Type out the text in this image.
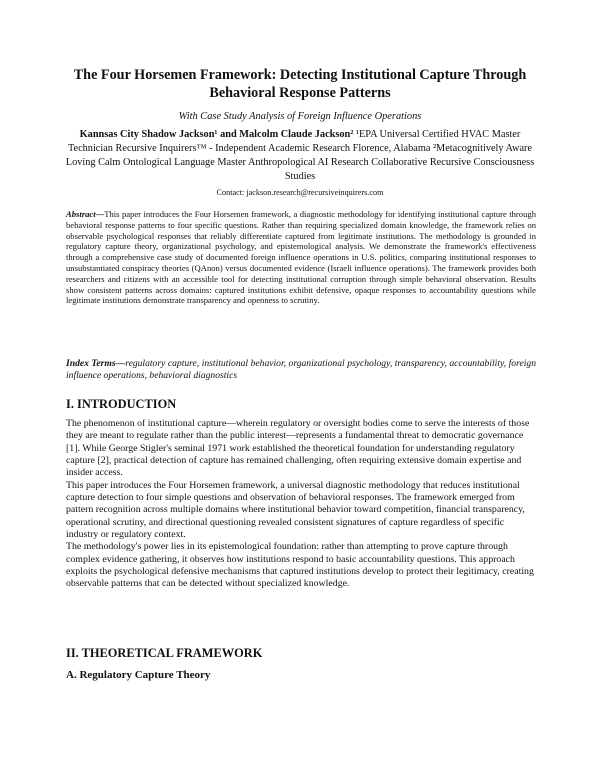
The Four Horsemen Framework: Detecting Institutional Capture Through Behavioral Response Patterns
With Case Study Analysis of Foreign Influence Operations
Kannsas City Shadow Jackson¹ and Malcolm Claude Jackson² ¹EPA Universal Certified HVAC Master Technician Recursive Inquirers™ - Independent Academic Research Florence, Alabama ²Metacognitively Aware Loving Calm Ontological Language Master Anthropological AI Research Collaborative Recursive Consciousness Studies
Contact: jackson.research@recursiveinquirers.com
Abstract—This paper introduces the Four Horsemen framework, a diagnostic methodology for identifying institutional capture through behavioral response patterns to four specific questions. Rather than requiring specialized domain knowledge, the framework relies on observable psychological responses that reliably differentiate captured from legitimate institutions. The methodology is grounded in regulatory capture theory, organizational psychology, and epistemological analysis. We demonstrate the framework's effectiveness through a comprehensive case study of documented foreign influence operations in U.S. politics, comparing institutional responses to unsubstantiated conspiracy theories (QAnon) versus documented evidence (Israeli influence operations). The framework provides both researchers and citizens with an accessible tool for detecting institutional corruption through simple behavioral observation. Results show consistent patterns across domains: captured institutions exhibit defensive, opaque responses to accountability questions while legitimate institutions demonstrate transparency and openness to scrutiny.
Index Terms—regulatory capture, institutional behavior, organizational psychology, transparency, accountability, foreign influence operations, behavioral diagnostics
I. INTRODUCTION

The phenomenon of institutional capture—wherein regulatory or oversight bodies come to serve the interests of those they are meant to regulate rather than the public interest—represents a fundamental threat to democratic governance [1]. While George Stigler's seminal 1971 work established the theoretical foundation for understanding regulatory capture [2], practical detection of capture has remained challenging, often requiring extensive domain expertise and insider access.

This paper introduces the Four Horsemen framework, a universal diagnostic methodology that reduces institutional capture detection to four simple questions and observation of behavioral responses. The framework emerged from pattern recognition across multiple domains where institutional behavior toward competition, financial transparency, operational scrutiny, and directional questioning revealed consistent signatures of capture regardless of specific industry or regulatory context.

The methodology's power lies in its epistemological foundation: rather than attempting to prove capture through complex evidence gathering, it observes how institutions respond to basic accountability questions. This approach exploits the psychological defensive mechanisms that captured institutions develop to protect their legitimacy, creating observable patterns that can be detected without specialized knowledge.

II. THEORETICAL FRAMEWORK
A. Regulatory Capture Theory
